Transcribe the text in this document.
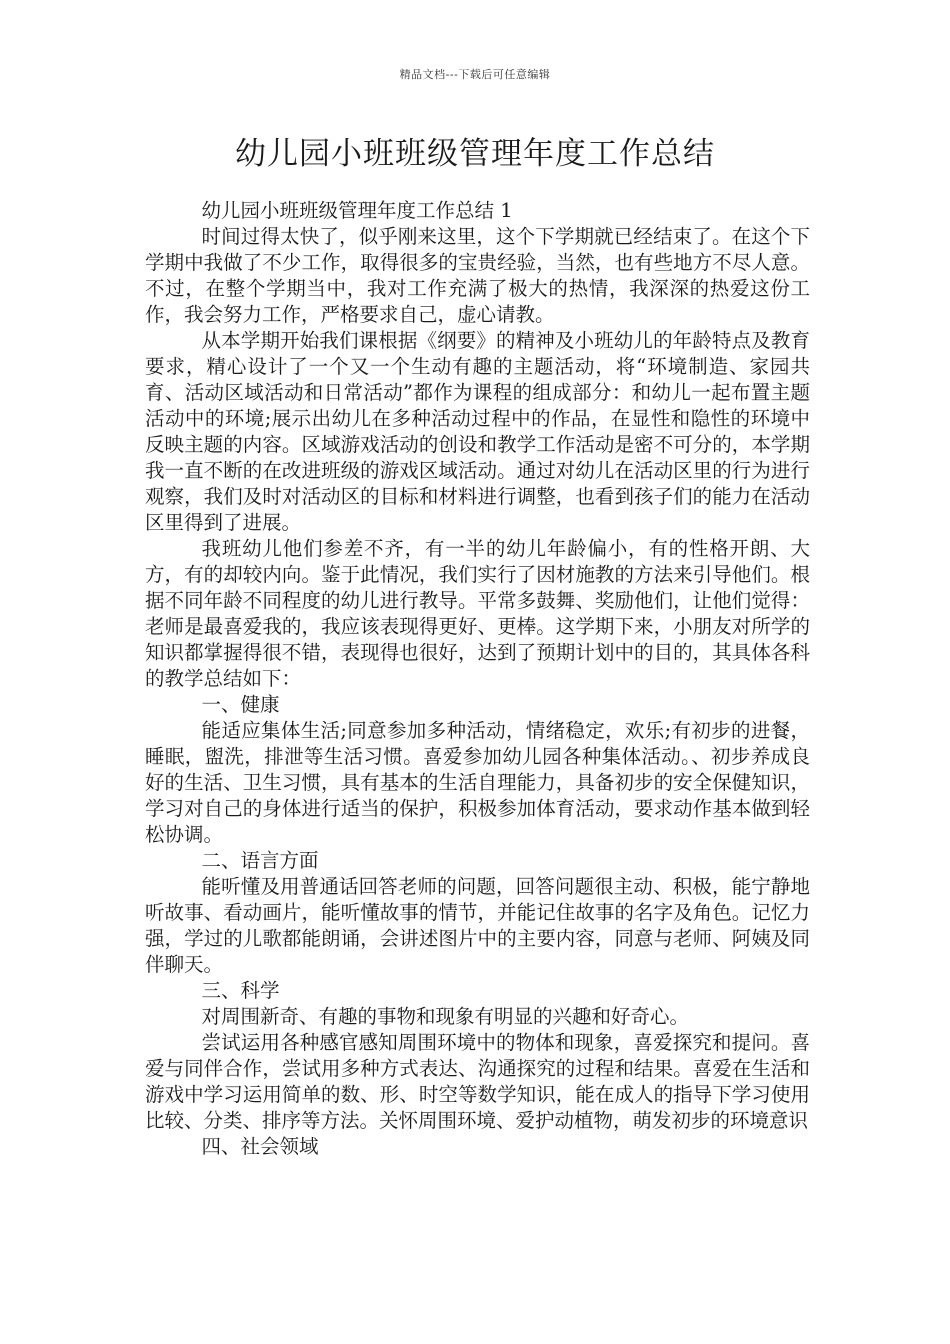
精品文档---下载后可任意编辑
幼儿园小班班级管理年度工作总结

幼儿园小班班级管理年度工作总结 1

时间过得太快了，似乎刚来这里，这个下学期就已经结束了。在这个下学期中我做了不少工作，取得很多的宝贵经验，当然，也有些地方不尽人意。不过，在整个学期当中，我对工作充满了极大的热情，我深深的热爱这份工作，我会努力工作，严格要求自己，虚心请教。

从本学期开始我们课根据《纲要》的精神及小班幼儿的年龄特点及教育要求，精心设计了一个又一个生动有趣的主题活动，将“环境制造、家园共育、活动区域活动和日常活动”都作为课程的组成部分：和幼儿一起布置主题活动中的环境;展示出幼儿在多种活动过程中的作品，在显性和隐性的环境中反映主题的内容。区域游戏活动的创设和教学工作活动是密不可分的，本学期我一直不断的在改进班级的游戏区域活动。通过对幼儿在活动区里的行为进行观察，我们及时对活动区的目标和材料进行调整，也看到孩子们的能力在活动区里得到了进展。

我班幼儿他们参差不齐，有一半的幼儿年龄偏小，有的性格开朗、大方，有的却较内向。鉴于此情况，我们实行了因材施教的方法来引导他们。根据不同年龄不同程度的幼儿进行教导。平常多鼓舞、奖励他们，让他们觉得：老师是最喜爱我的，我应该表现得更好、更棒。这学期下来，小朋友对所学的知识都掌握得很不错，表现得也很好，达到了预期计划中的目的，其具体各科的教学总结如下：

一、健康

能适应集体生活;同意参加多种活动，情绪稳定，欢乐;有初步的进餐，睡眠，盥洗，排泄等生活习惯。喜爱参加幼儿园各种集体活动。、初步养成良好的生活、卫生习惯，具有基本的生活自理能力，具备初步的安全保健知识，学习对自己的身体进行适当的保护，积极参加体育活动，要求动作基本做到轻松协调。

二、语言方面

能听懂及用普通话回答老师的问题，回答问题很主动、积极，能宁静地听故事、看动画片，能听懂故事的情节，并能记住故事的名字及角色。记忆力强，学过的儿歌都能朗诵，会讲述图片中的主要内容，同意与老师、阿姨及同伴聊天。

三、科学

对周围新奇、有趣的事物和现象有明显的兴趣和好奇心。

尝试运用各种感官感知周围环境中的物体和现象，喜爱探究和提问。喜爱与同伴合作，尝试用多种方式表达、沟通探究的过程和结果。喜爱在生活和游戏中学习运用简单的数、形、时空等数学知识，能在成人的指导下学习使用比较、分类、排序等方法。关怀周围环境、爱护动植物，萌发初步的环境意识

四、社会领域
